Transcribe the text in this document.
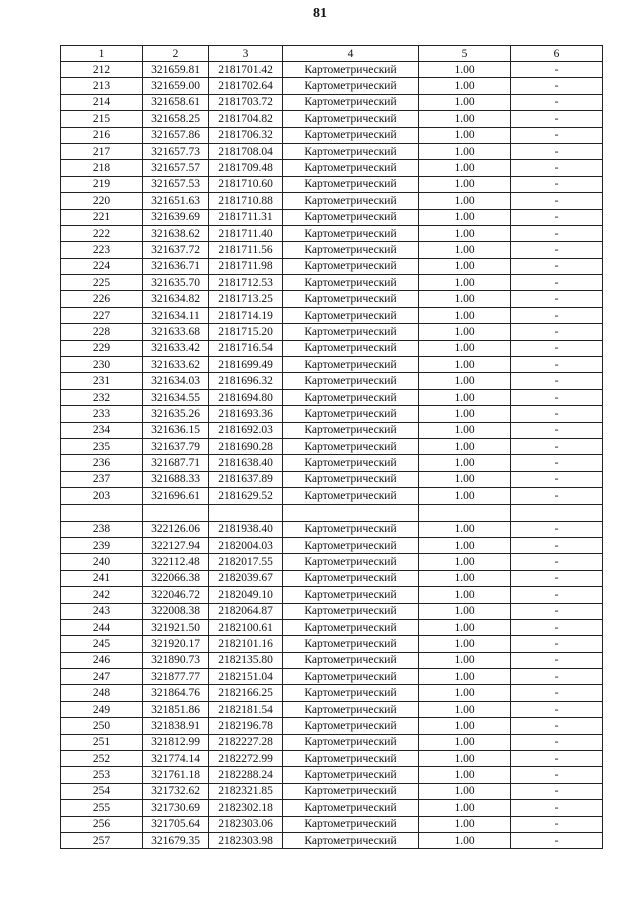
81
1	2	3	4	5	6
212	321659.81	2181701.42	Картометрический	1.00	-
213	321659.00	2181702.64	Картометрический	1.00	-
214	321658.61	2181703.72	Картометрический	1.00	-
215	321658.25	2181704.82	Картометрический	1.00	-
216	321657.86	2181706.32	Картометрический	1.00	-
217	321657.73	2181708.04	Картометрический	1.00	-
218	321657.57	2181709.48	Картометрический	1.00	-
219	321657.53	2181710.60	Картометрический	1.00	-
220	321651.63	2181710.88	Картометрический	1.00	-
221	321639.69	2181711.31	Картометрический	1.00	-
222	321638.62	2181711.40	Картометрический	1.00	-
223	321637.72	2181711.56	Картометрический	1.00	-
224	321636.71	2181711.98	Картометрический	1.00	-
225	321635.70	2181712.53	Картометрический	1.00	-
226	321634.82	2181713.25	Картометрический	1.00	-
227	321634.11	2181714.19	Картометрический	1.00	-
228	321633.68	2181715.20	Картометрический	1.00	-
229	321633.42	2181716.54	Картометрический	1.00	-
230	321633.62	2181699.49	Картометрический	1.00	-
231	321634.03	2181696.32	Картометрический	1.00	-
232	321634.55	2181694.80	Картометрический	1.00	-
233	321635.26	2181693.36	Картометрический	1.00	-
234	321636.15	2181692.03	Картометрический	1.00	-
235	321637.79	2181690.28	Картометрический	1.00	-
236	321687.71	2181638.40	Картометрический	1.00	-
237	321688.33	2181637.89	Картометрический	1.00	-
203	321696.61	2181629.52	Картометрический	1.00	-

238	322126.06	2181938.40	Картометрический	1.00	-
239	322127.94	2182004.03	Картометрический	1.00	-
240	322112.48	2182017.55	Картометрический	1.00	-
241	322066.38	2182039.67	Картометрический	1.00	-
242	322046.72	2182049.10	Картометрический	1.00	-
243	322008.38	2182064.87	Картометрический	1.00	-
244	321921.50	2182100.61	Картометрический	1.00	-
245	321920.17	2182101.16	Картометрический	1.00	-
246	321890.73	2182135.80	Картометрический	1.00	-
247	321877.77	2182151.04	Картометрический	1.00	-
248	321864.76	2182166.25	Картометрический	1.00	-
249	321851.86	2182181.54	Картометрический	1.00	-
250	321838.91	2182196.78	Картометрический	1.00	-
251	321812.99	2182227.28	Картометрический	1.00	-
252	321774.14	2182272.99	Картометрический	1.00	-
253	321761.18	2182288.24	Картометрический	1.00	-
254	321732.62	2182321.85	Картометрический	1.00	-
255	321730.69	2182302.18	Картометрический	1.00	-
256	321705.64	2182303.06	Картометрический	1.00	-
257	321679.35	2182303.98	Картометрический	1.00	-
